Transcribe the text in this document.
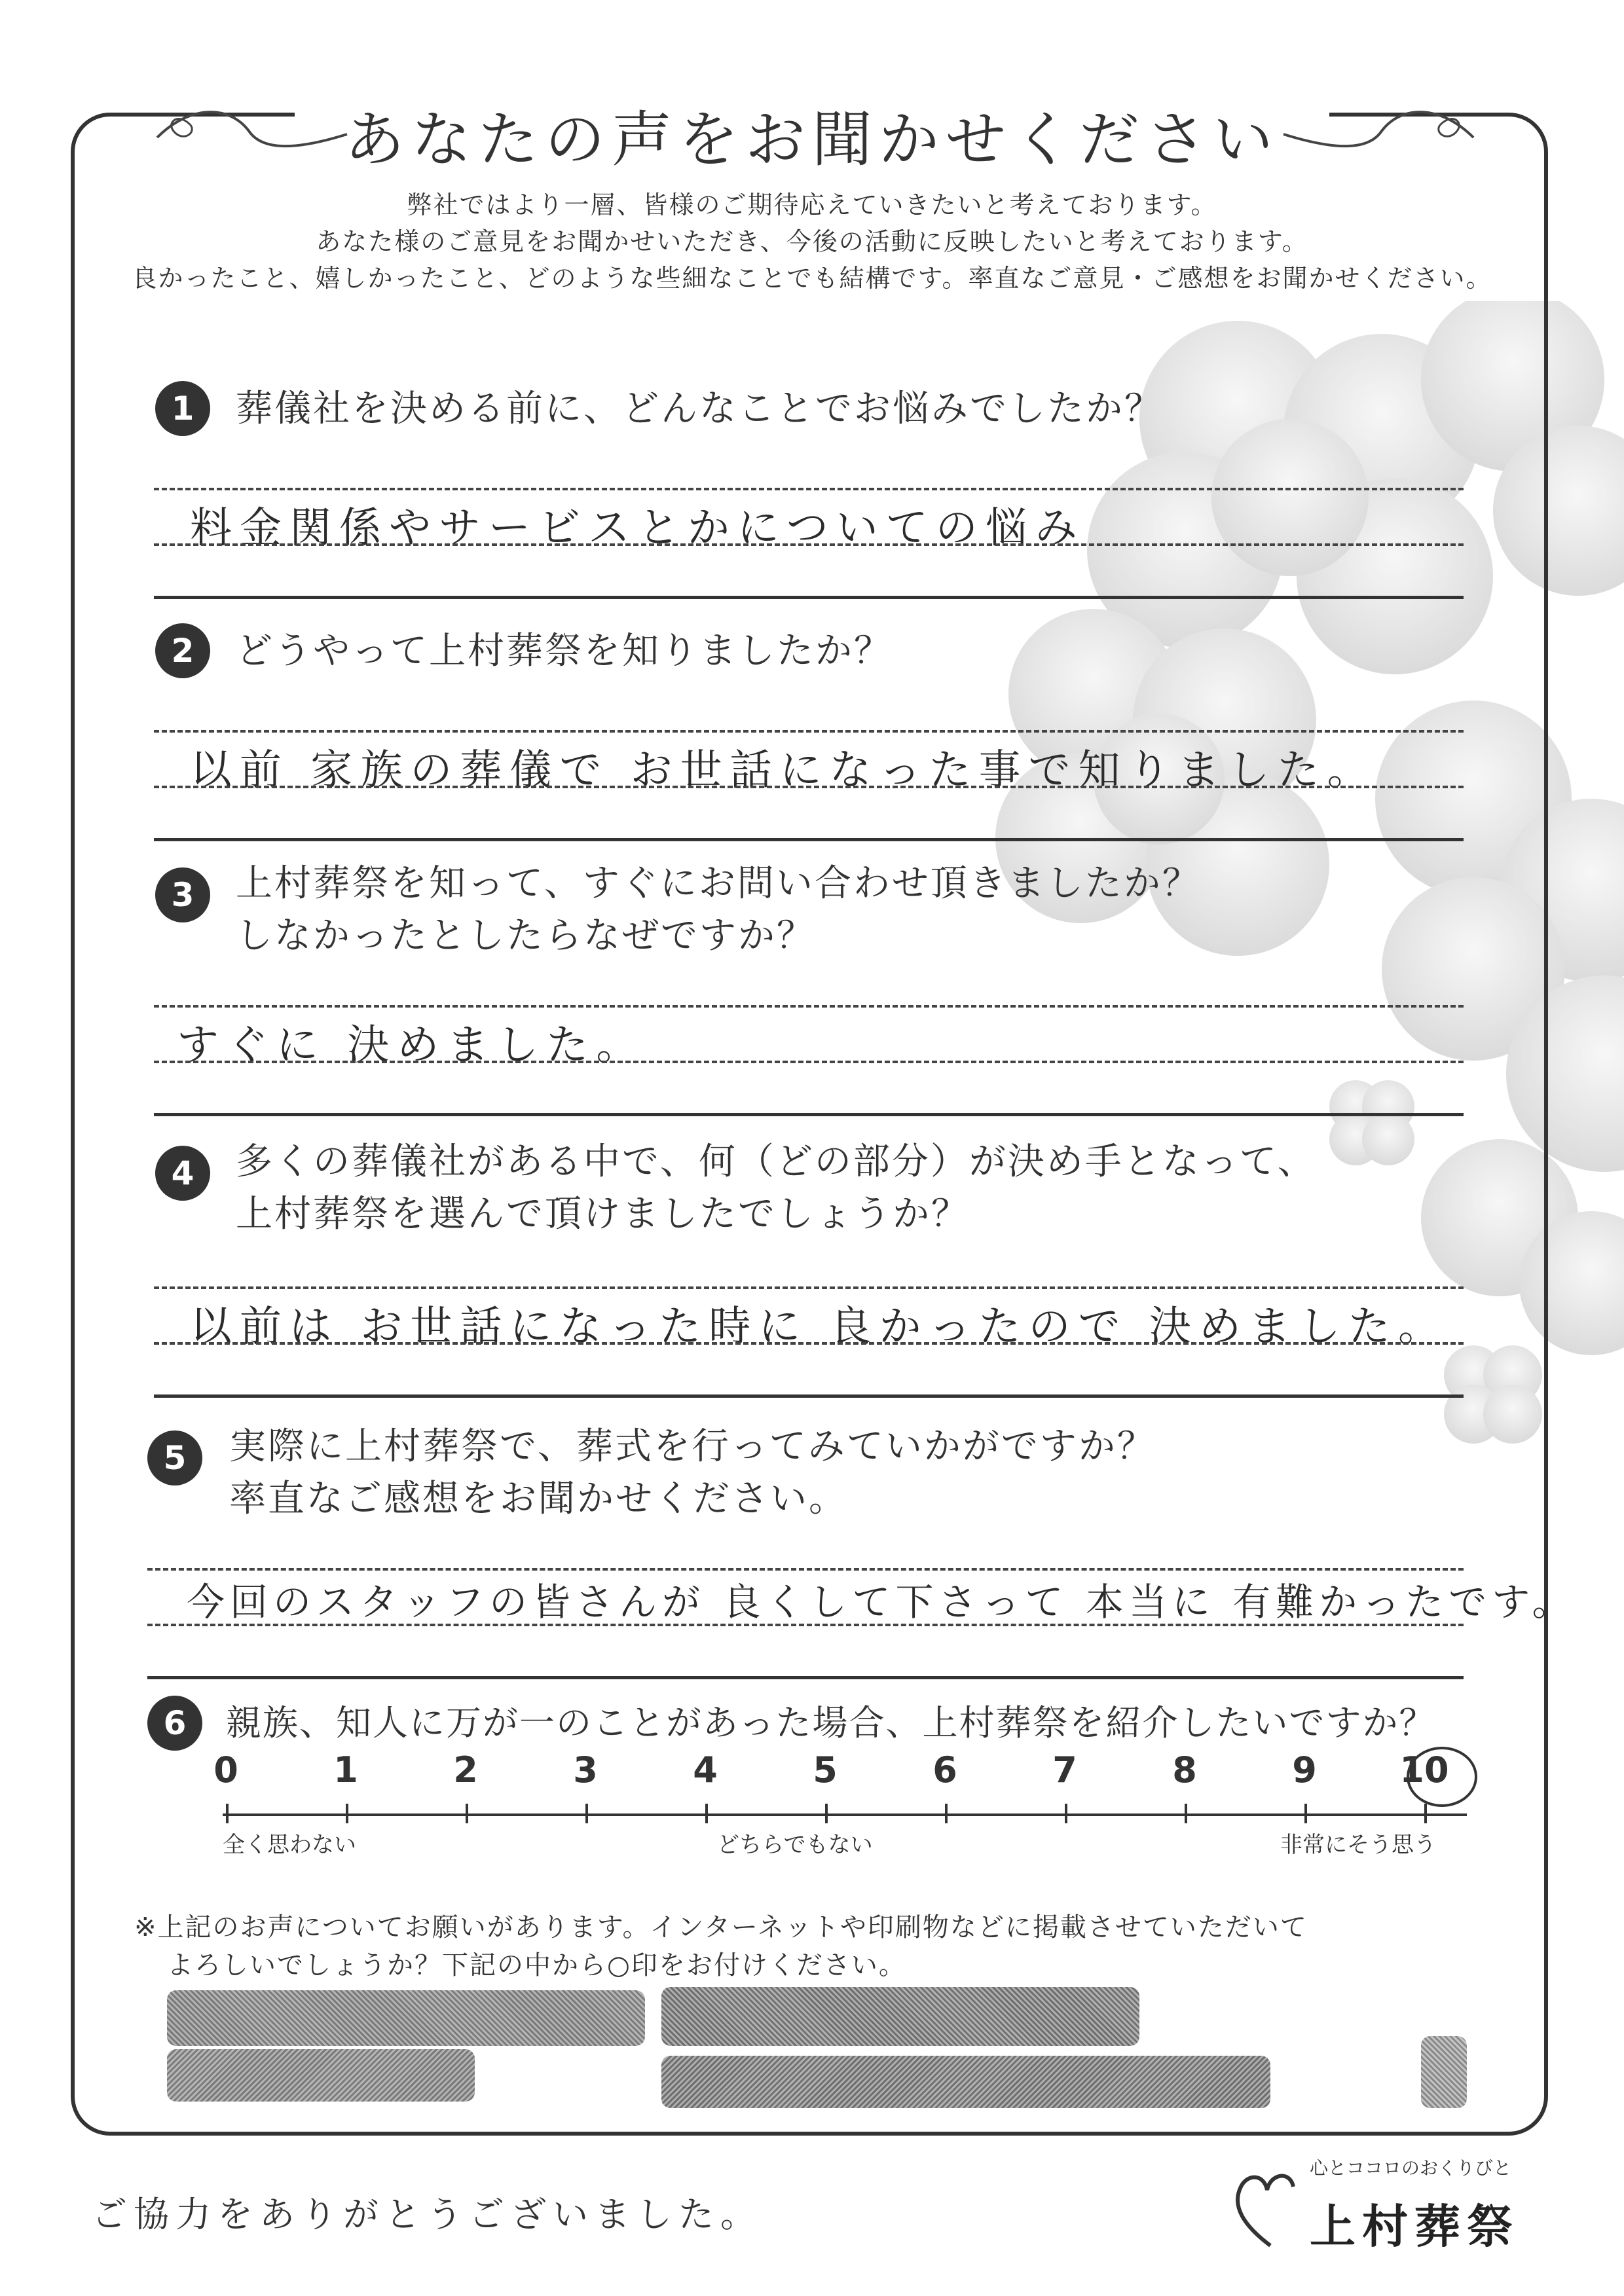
あなたの声をお聞かせください
弊社ではより一層、皆様のご期待応えていきたいと考えております。
あなた様のご意見をお聞かせいただき、今後の活動に反映したいと考えております。
良かったこと、嬉しかったこと、どのような些細なことでも結構です。率直なご意見・ご感想をお聞かせください。
1	葬儀社を決める前に、どんなことでお悩みでしたか？
料金関係やサービスとかについての悩み
2	どうやって上村葬祭を知りましたか？
以前 家族の葬儀で お世話になった事で知りました。
3	上村葬祭を知って、すぐにお問い合わせ頂きましたか？
しなかったとしたらなぜですか？
すぐに 決めました。
4	多くの葬儀社がある中で、何（どの部分）が決め手となって、
上村葬祭を選んで頂けましたでしょうか？
以前は お世話になった時に 良かったので 決めました。
5	実際に上村葬祭で、葬式を行ってみていかがですか？
率直なご感想をお聞かせください。
今回のスタッフの皆さんが 良くして下さって 本当に 有難かったです。
6	親族、知人に万が一のことがあった場合、上村葬祭を紹介したいですか？
0	1	2	3	4	5	6	7	8	9	10
全く思わない	どちらでもない	非常にそう思う
※上記のお声についてお願いがあります。インターネットや印刷物などに掲載させていただいて
よろしいでしょうか？下記の中から○印をお付けください。
ご協力をありがとうございました。
心とココロのおくりびと
上村葬祭
